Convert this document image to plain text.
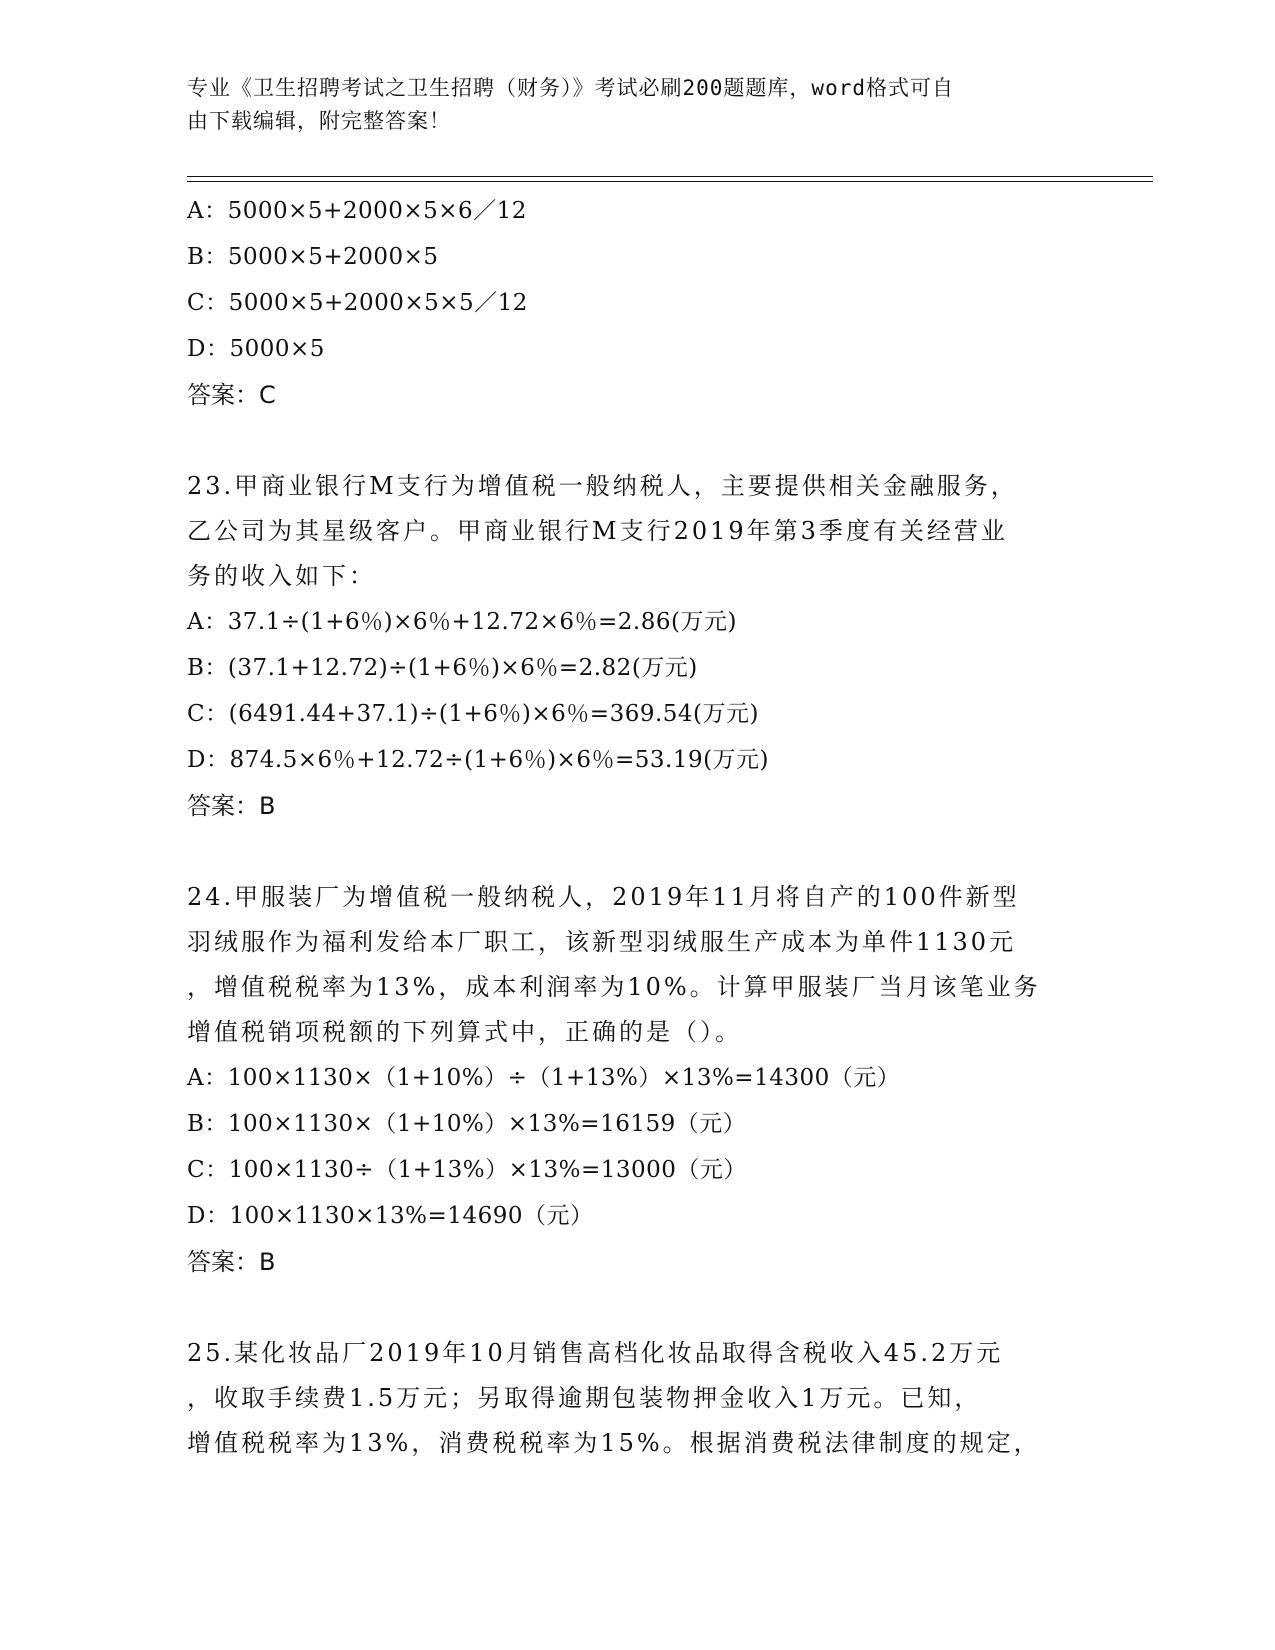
专业《卫生招聘考试之卫生招聘（财务）》考试必刷200题题库，word格式可自
由下载编辑，附完整答案！
A：5000×5+2000×5×6／12
B：5000×5+2000×5
C：5000×5+2000×5×5／12
D：5000×5
答案：C
23.甲商业银行M支行为增值税一般纳税人，主要提供相关金融服务，
乙公司为其星级客户。甲商业银行M支行2019年第3季度有关经营业
务的收入如下：
A：37.1÷(1+6％)×6％+12.72×6％=2.86(万元)
B：(37.1+12.72)÷(1+6％)×6％=2.82(万元)
C：(6491.44+37.1)÷(1+6％)×6％=369.54(万元)
D：874.5×6％+12.72÷(1+6％)×6％=53.19(万元)
答案：B
24.甲服装厂为增值税一般纳税人，2019年11月将自产的100件新型
羽绒服作为福利发给本厂职工，该新型羽绒服生产成本为单件1130元
，增值税税率为13%，成本利润率为10%。计算甲服装厂当月该笔业务
增值税销项税额的下列算式中，正确的是（）。
A：100×1130×（1+10%）÷（1+13%）×13%=14300（元）
B：100×1130×（1+10%）×13%=16159（元）
C：100×1130÷（1+13%）×13%=13000（元）
D：100×1130×13%=14690（元）
答案：B
25.某化妆品厂2019年10月销售高档化妆品取得含税收入45.2万元
，收取手续费1.5万元；另取得逾期包装物押金收入1万元。已知，
增值税税率为13%，消费税税率为15%。根据消费税法律制度的规定，
